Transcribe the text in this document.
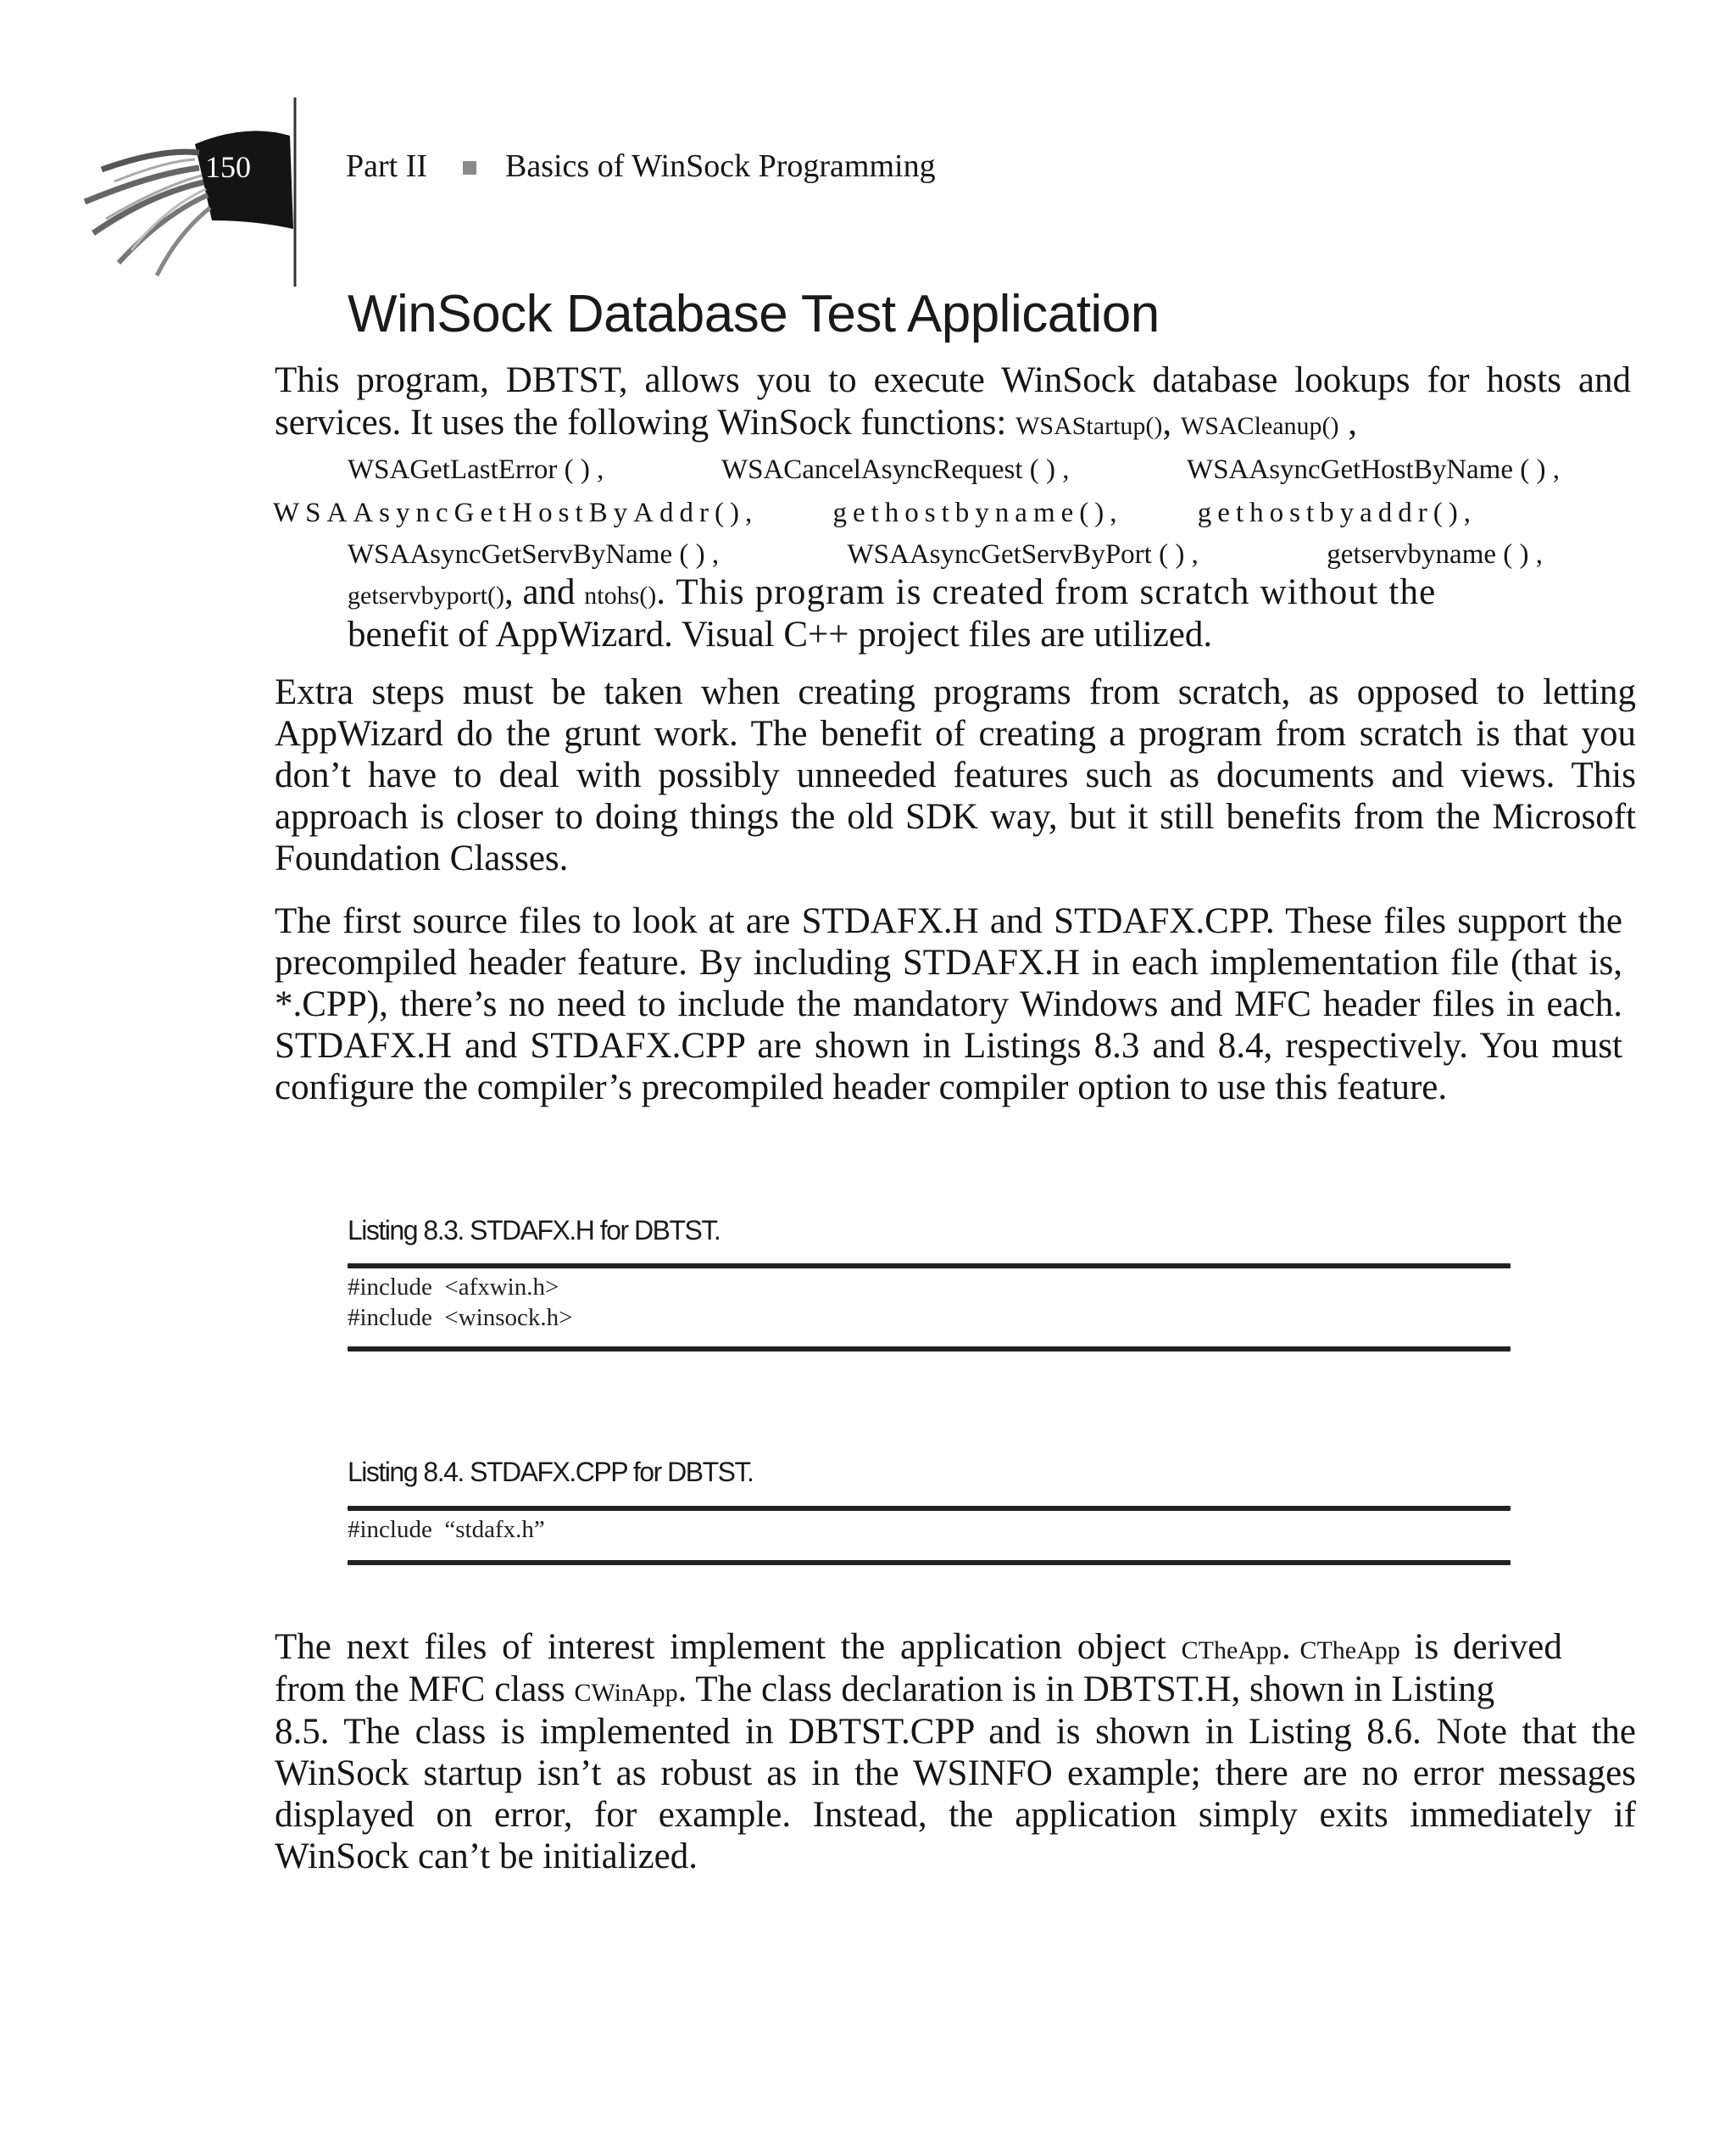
150	Part II Basics of WinSock Programming
WinSock Database Test Application
This program, DBTST, allows you to execute WinSock database lookups for hosts and
services. It uses the following WinSock functions: WSAStartup(), WSACleanup() ,
WSAGetLastError ( ) ,	WSACancelAsyncRequest ( ) ,	WSAAsyncGetHostByName ( ) ,
WSAAsyncGetHostByAddr(),	gethostbyname(),	gethostbyaddr(),
WSAAsyncGetServByName ( ) ,	WSAAsyncGetServByPort ( ) ,	getservbyname ( ) ,
getservbyport(), and ntohs(). This program is created from scratch without the
benefit of AppWizard. Visual C++ project files are utilized.
Extra steps must be taken when creating programs from scratch, as opposed to letting AppWizard do the grunt work. The benefit of creating a program from scratch is that you don’t have to deal with possibly unneeded features such as documents and views. This approach is closer to doing things the old SDK way, but it still benefits from the Microsoft Foundation Classes.
The first source files to look at are STDAFX.H and STDAFX.CPP. These files support the precompiled header feature. By including STDAFX.H in each implementation file (that is, *.CPP), there’s no need to include the mandatory Windows and MFC header files in each. STDAFX.H and STDAFX.CPP are shown in Listings 8.3 and 8.4, respectively. You must configure the compiler’s precompiled header compiler option to use this feature.
Listing 8.3. STDAFX.H for DBTST.
#include  <afxwin.h>
#include  <winsock.h>
Listing 8.4. STDAFX.CPP for DBTST.
#include  “stdafx.h”
The next files of interest implement the application object CTheApp. CTheApp is derived
from the MFC class CWinApp. The class declaration is in DBTST.H, shown in Listing
8.5. The class is implemented in DBTST.CPP and is shown in Listing 8.6. Note that the WinSock startup isn’t as robust as in the WSINFO example; there are no error messages displayed on error, for example. Instead, the application simply exits immediately if WinSock can’t be initialized.
